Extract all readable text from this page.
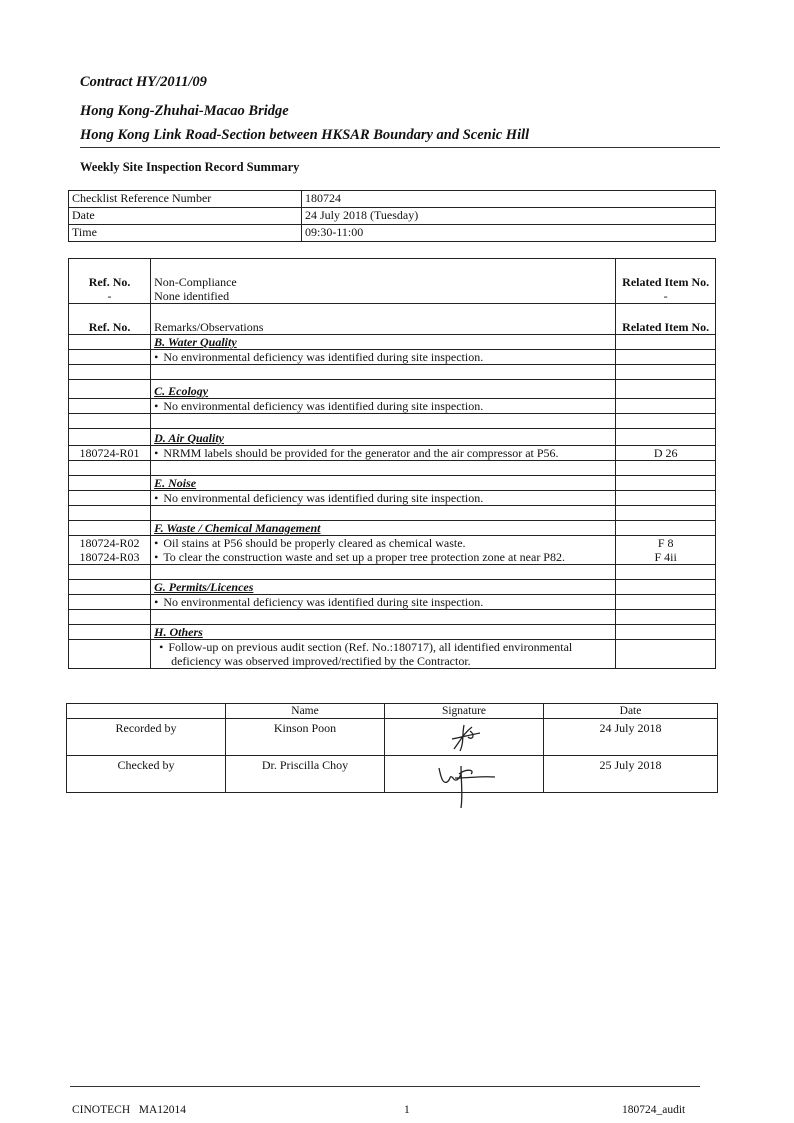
Contract HY/2011/09
Hong Kong-Zhuhai-Macao Bridge
Hong Kong Link Road-Section between HKSAR Boundary and Scenic Hill
Weekly Site Inspection Record Summary
Checklist Reference Number	180724
Date	24 July 2018 (Tuesday)
Time	09:30-11:00
Ref. No.	Non-Compliance	Related Item No.
-	None identified	-
Ref. No.	Remarks/Observations	Related Item No.
	B. Water Quality	
	• No environmental deficiency was identified during site inspection.	

	C. Ecology	
	• No environmental deficiency was identified during site inspection.	

	D. Air Quality	
180724-R01	• NRMM labels should be provided for the generator and the air compressor at P56.	D 26

	E. Noise	
	• No environmental deficiency was identified during site inspection.	

	F. Waste / Chemical Management	
180724-R02	• Oil stains at P56 should be properly cleared as chemical waste.	F 8
180724-R03	• To clear the construction waste and set up a proper tree protection zone at near P82.	F 4ii

	G. Permits/Licences	
	• No environmental deficiency was identified during site inspection.	

	H. Others	

	• Follow-up on previous audit section (Ref. No.:180717), all identified environmental deficiency was observed improved/rectified by the Contractor.

	Name	Signature	Date
Recorded by	Kinson Poon		24 July 2018
Checked by	Dr. Priscilla Choy		25 July 2018
CINOTECH   MA12014	1	180724_audit
